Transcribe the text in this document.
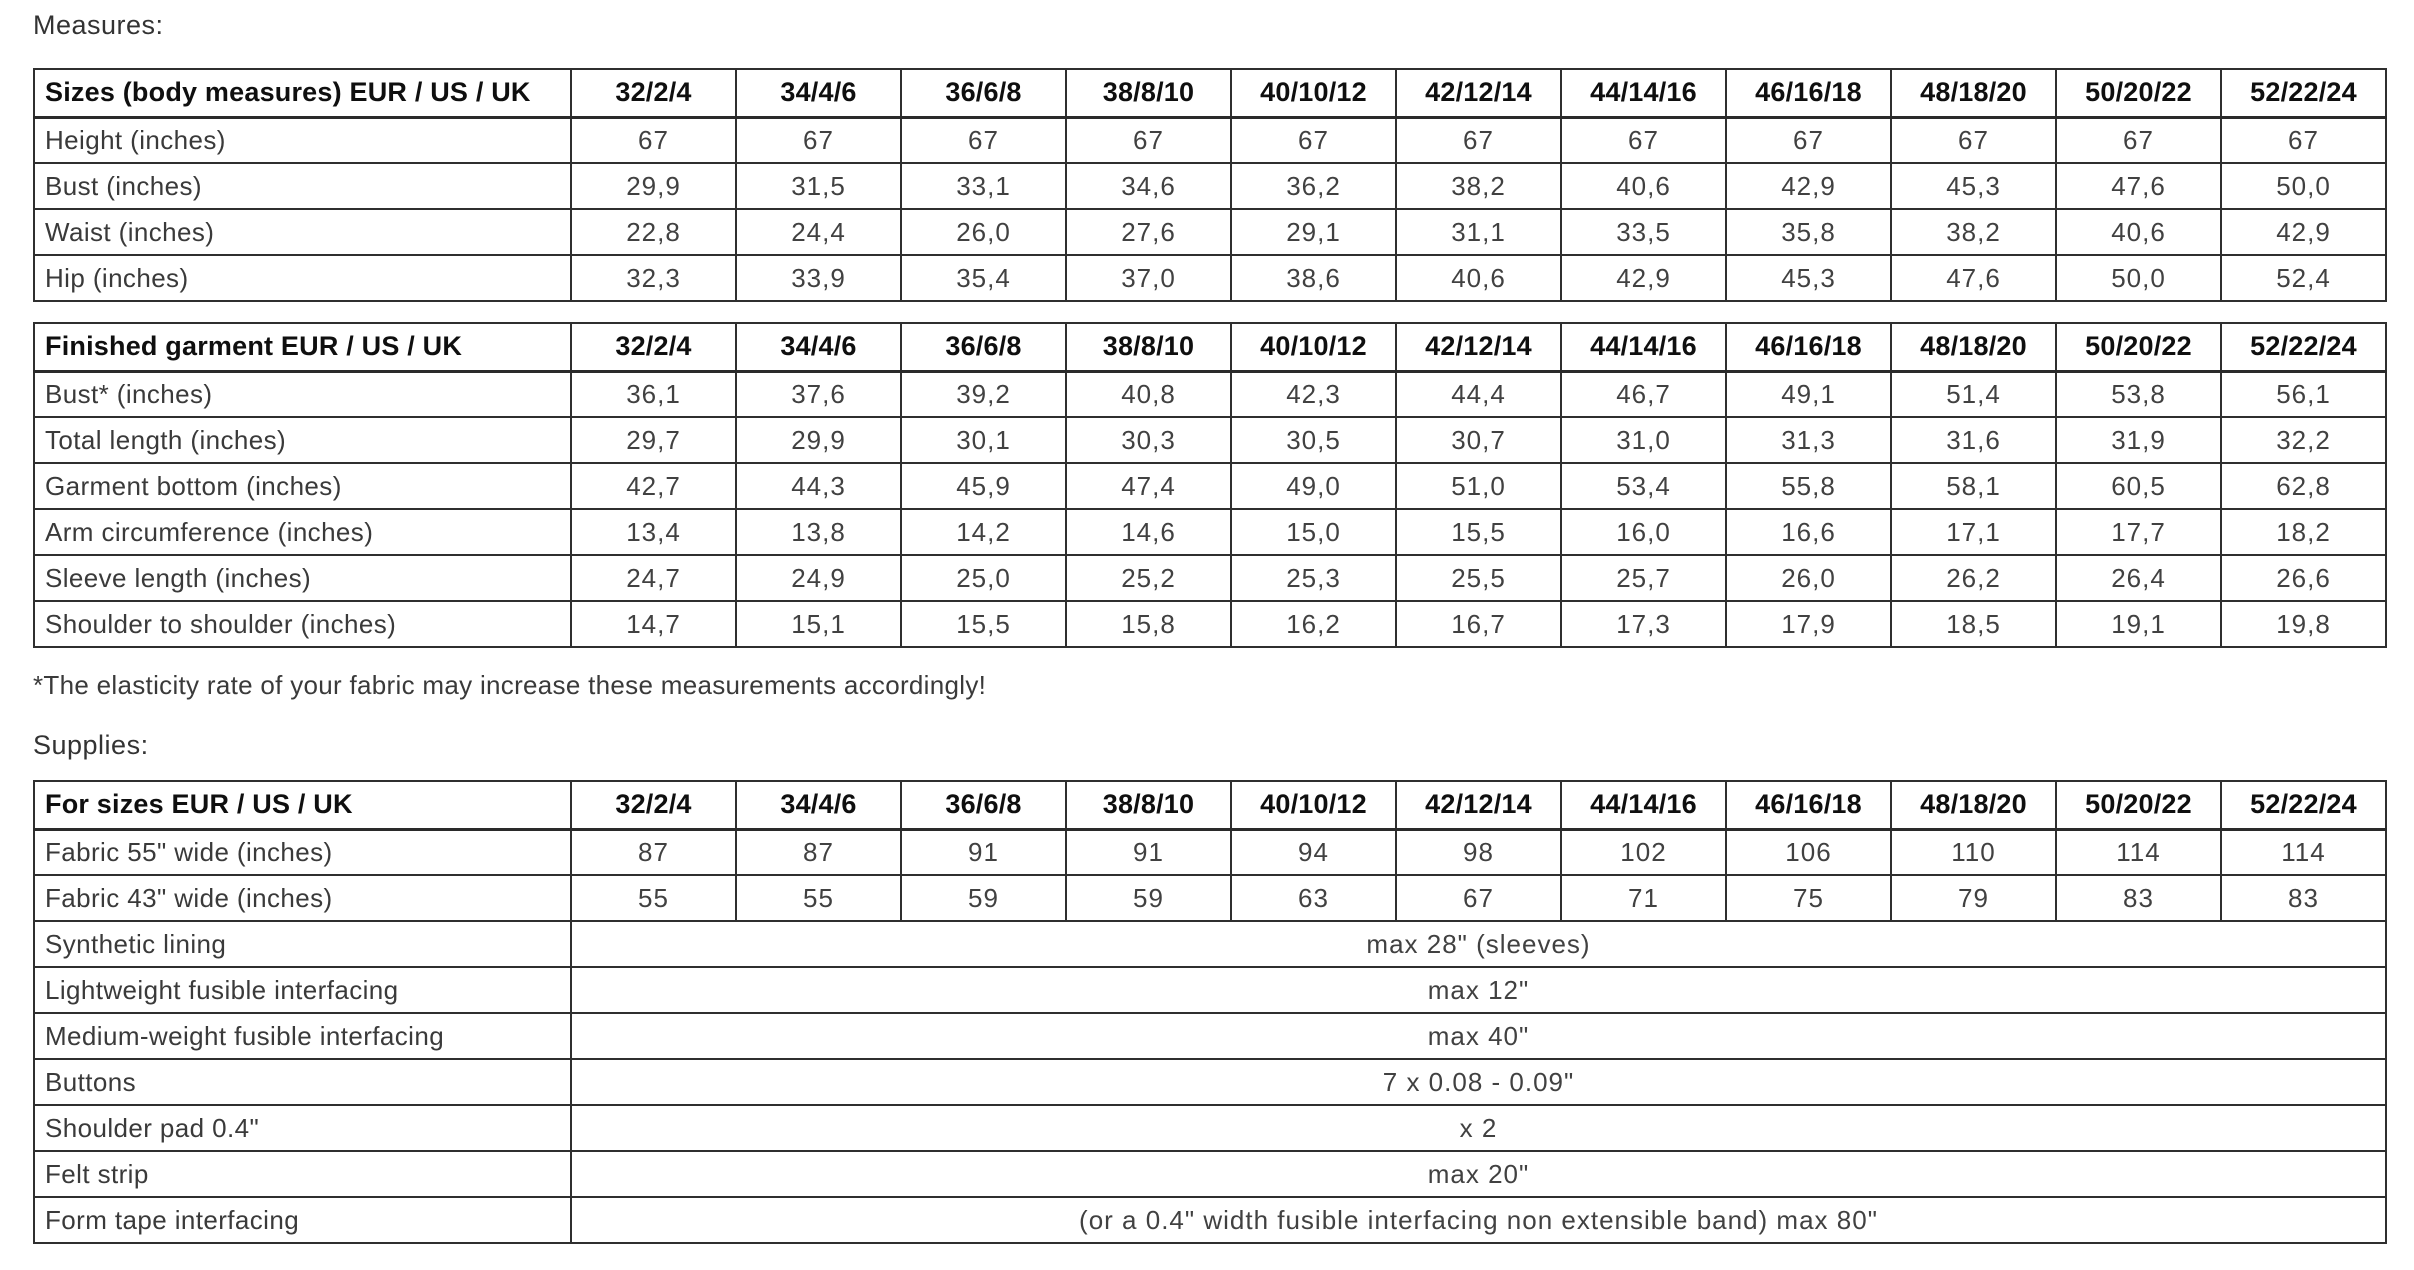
Measures:
Sizes (body measures) EUR / US / UK	32/2/4	34/4/6	36/6/8	38/8/10	40/10/12	42/12/14	44/14/16	46/16/18	48/18/20	50/20/22	52/22/24
Height (inches)	67	67	67	67	67	67	67	67	67	67	67
Bust (inches)	29,9	31,5	33,1	34,6	36,2	38,2	40,6	42,9	45,3	47,6	50,0
Waist (inches)	22,8	24,4	26,0	27,6	29,1	31,1	33,5	35,8	38,2	40,6	42,9
Hip (inches)	32,3	33,9	35,4	37,0	38,6	40,6	42,9	45,3	47,6	50,0	52,4
Finished garment EUR / US / UK	32/2/4	34/4/6	36/6/8	38/8/10	40/10/12	42/12/14	44/14/16	46/16/18	48/18/20	50/20/22	52/22/24
Bust* (inches)	36,1	37,6	39,2	40,8	42,3	44,4	46,7	49,1	51,4	53,8	56,1
Total length (inches)	29,7	29,9	30,1	30,3	30,5	30,7	31,0	31,3	31,6	31,9	32,2
Garment bottom (inches)	42,7	44,3	45,9	47,4	49,0	51,0	53,4	55,8	58,1	60,5	62,8
Arm circumference (inches)	13,4	13,8	14,2	14,6	15,0	15,5	16,0	16,6	17,1	17,7	18,2
Sleeve length (inches)	24,7	24,9	25,0	25,2	25,3	25,5	25,7	26,0	26,2	26,4	26,6
Shoulder to shoulder (inches)	14,7	15,1	15,5	15,8	16,2	16,7	17,3	17,9	18,5	19,1	19,8
*The elasticity rate of your fabric may increase these measurements accordingly!
Supplies:
For sizes EUR / US / UK	32/2/4	34/4/6	36/6/8	38/8/10	40/10/12	42/12/14	44/14/16	46/16/18	48/18/20	50/20/22	52/22/24
Fabric 55" wide (inches)	87	87	91	91	94	98	102	106	110	114	114
Fabric 43" wide (inches)	55	55	59	59	63	67	71	75	79	83	83
Synthetic lining	max 28" (sleeves)										
Lightweight fusible interfacing	max 12"										
Medium-weight fusible interfacing	max 40"										
Buttons	7 x 0.08 - 0.09"										
Shoulder pad 0.4"	x 2										
Felt strip	max 20"										
Form tape interfacing	(or a 0.4" width fusible interfacing non extensible band) max 80"										
